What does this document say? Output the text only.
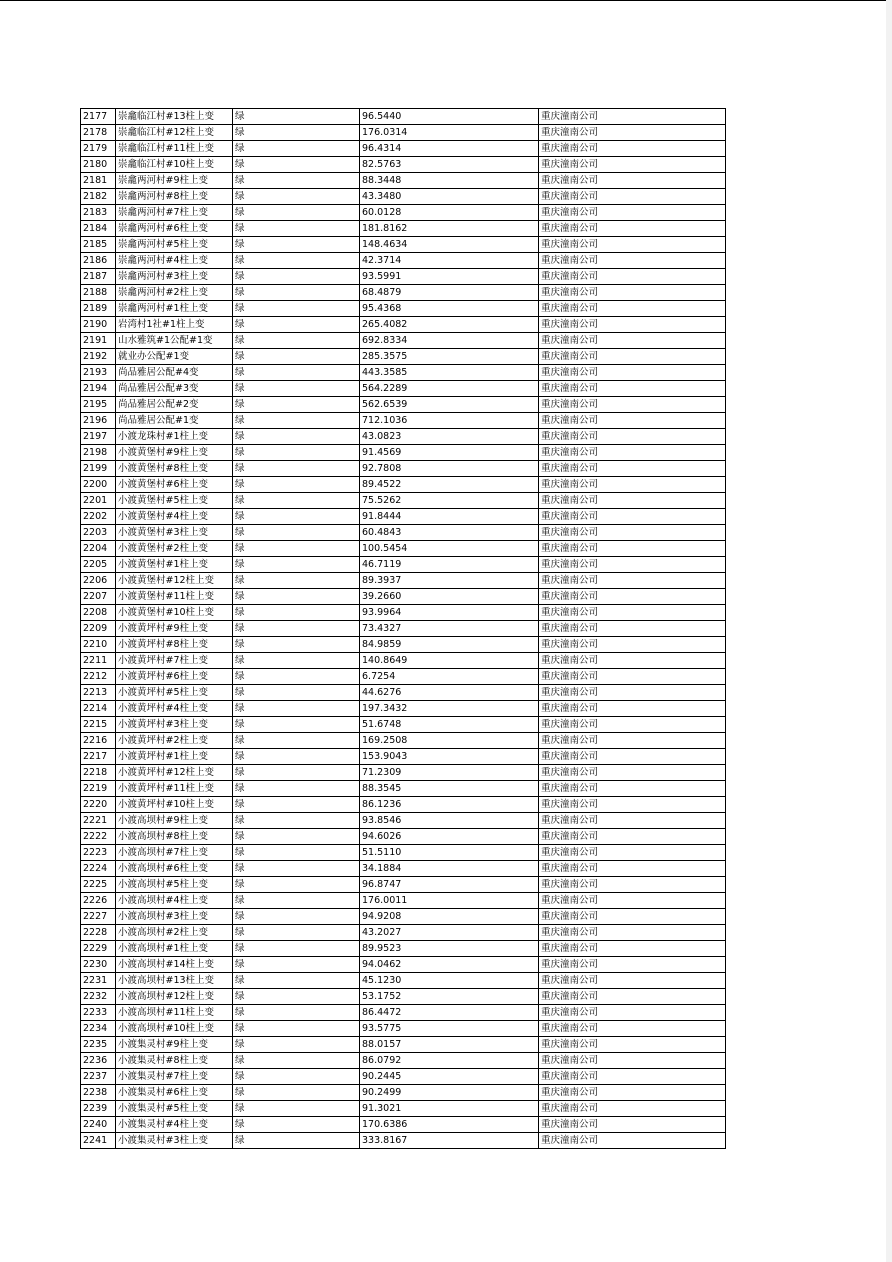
2177	崇龕临江村#13柱上变	绿	96.5440	重庆潼南公司
2178	崇龕临江村#12柱上变	绿	176.0314	重庆潼南公司
2179	崇龕临江村#11柱上变	绿	96.4314	重庆潼南公司
2180	崇龕临江村#10柱上变	绿	82.5763	重庆潼南公司
2181	崇龕两河村#9柱上变	绿	88.3448	重庆潼南公司
2182	崇龕两河村#8柱上变	绿	43.3480	重庆潼南公司
2183	崇龕两河村#7柱上变	绿	60.0128	重庆潼南公司
2184	崇龕两河村#6柱上变	绿	181.8162	重庆潼南公司
2185	崇龕两河村#5柱上变	绿	148.4634	重庆潼南公司
2186	崇龕两河村#4柱上变	绿	42.3714	重庆潼南公司
2187	崇龕两河村#3柱上变	绿	93.5991	重庆潼南公司
2188	崇龕两河村#2柱上变	绿	68.4879	重庆潼南公司
2189	崇龕两河村#1柱上变	绿	95.4368	重庆潼南公司
2190	岩湾村1社#1柱上变	绿	265.4082	重庆潼南公司
2191	山水雅筑#1公配#1变	绿	692.8334	重庆潼南公司
2192	就业办公配#1变	绿	285.3575	重庆潼南公司
2193	尚品雅居公配#4变	绿	443.3585	重庆潼南公司
2194	尚品雅居公配#3变	绿	564.2289	重庆潼南公司
2195	尚品雅居公配#2变	绿	562.6539	重庆潼南公司
2196	尚品雅居公配#1变	绿	712.1036	重庆潼南公司
2197	小渡龙珠村#1柱上变	绿	43.0823	重庆潼南公司
2198	小渡黄堡村#9柱上变	绿	91.4569	重庆潼南公司
2199	小渡黄堡村#8柱上变	绿	92.7808	重庆潼南公司
2200	小渡黄堡村#6柱上变	绿	89.4522	重庆潼南公司
2201	小渡黄堡村#5柱上变	绿	75.5262	重庆潼南公司
2202	小渡黄堡村#4柱上变	绿	91.8444	重庆潼南公司
2203	小渡黄堡村#3柱上变	绿	60.4843	重庆潼南公司
2204	小渡黄堡村#2柱上变	绿	100.5454	重庆潼南公司
2205	小渡黄堡村#1柱上变	绿	46.7119	重庆潼南公司
2206	小渡黄堡村#12柱上变	绿	89.3937	重庆潼南公司
2207	小渡黄堡村#11柱上变	绿	39.2660	重庆潼南公司
2208	小渡黄堡村#10柱上变	绿	93.9964	重庆潼南公司
2209	小渡黄坪村#9柱上变	绿	73.4327	重庆潼南公司
2210	小渡黄坪村#8柱上变	绿	84.9859	重庆潼南公司
2211	小渡黄坪村#7柱上变	绿	140.8649	重庆潼南公司
2212	小渡黄坪村#6柱上变	绿	6.7254	重庆潼南公司
2213	小渡黄坪村#5柱上变	绿	44.6276	重庆潼南公司
2214	小渡黄坪村#4柱上变	绿	197.3432	重庆潼南公司
2215	小渡黄坪村#3柱上变	绿	51.6748	重庆潼南公司
2216	小渡黄坪村#2柱上变	绿	169.2508	重庆潼南公司
2217	小渡黄坪村#1柱上变	绿	153.9043	重庆潼南公司
2218	小渡黄坪村#12柱上变	绿	71.2309	重庆潼南公司
2219	小渡黄坪村#11柱上变	绿	88.3545	重庆潼南公司
2220	小渡黄坪村#10柱上变	绿	86.1236	重庆潼南公司
2221	小渡高坝村#9柱上变	绿	93.8546	重庆潼南公司
2222	小渡高坝村#8柱上变	绿	94.6026	重庆潼南公司
2223	小渡高坝村#7柱上变	绿	51.5110	重庆潼南公司
2224	小渡高坝村#6柱上变	绿	34.1884	重庆潼南公司
2225	小渡高坝村#5柱上变	绿	96.8747	重庆潼南公司
2226	小渡高坝村#4柱上变	绿	176.0011	重庆潼南公司
2227	小渡高坝村#3柱上变	绿	94.9208	重庆潼南公司
2228	小渡高坝村#2柱上变	绿	43.2027	重庆潼南公司
2229	小渡高坝村#1柱上变	绿	89.9523	重庆潼南公司
2230	小渡高坝村#14柱上变	绿	94.0462	重庆潼南公司
2231	小渡高坝村#13柱上变	绿	45.1230	重庆潼南公司
2232	小渡高坝村#12柱上变	绿	53.1752	重庆潼南公司
2233	小渡高坝村#11柱上变	绿	86.4472	重庆潼南公司
2234	小渡高坝村#10柱上变	绿	93.5775	重庆潼南公司
2235	小渡集灵村#9柱上变	绿	88.0157	重庆潼南公司
2236	小渡集灵村#8柱上变	绿	86.0792	重庆潼南公司
2237	小渡集灵村#7柱上变	绿	90.2445	重庆潼南公司
2238	小渡集灵村#6柱上变	绿	90.2499	重庆潼南公司
2239	小渡集灵村#5柱上变	绿	91.3021	重庆潼南公司
2240	小渡集灵村#4柱上变	绿	170.6386	重庆潼南公司
2241	小渡集灵村#3柱上变	绿	333.8167	重庆潼南公司
